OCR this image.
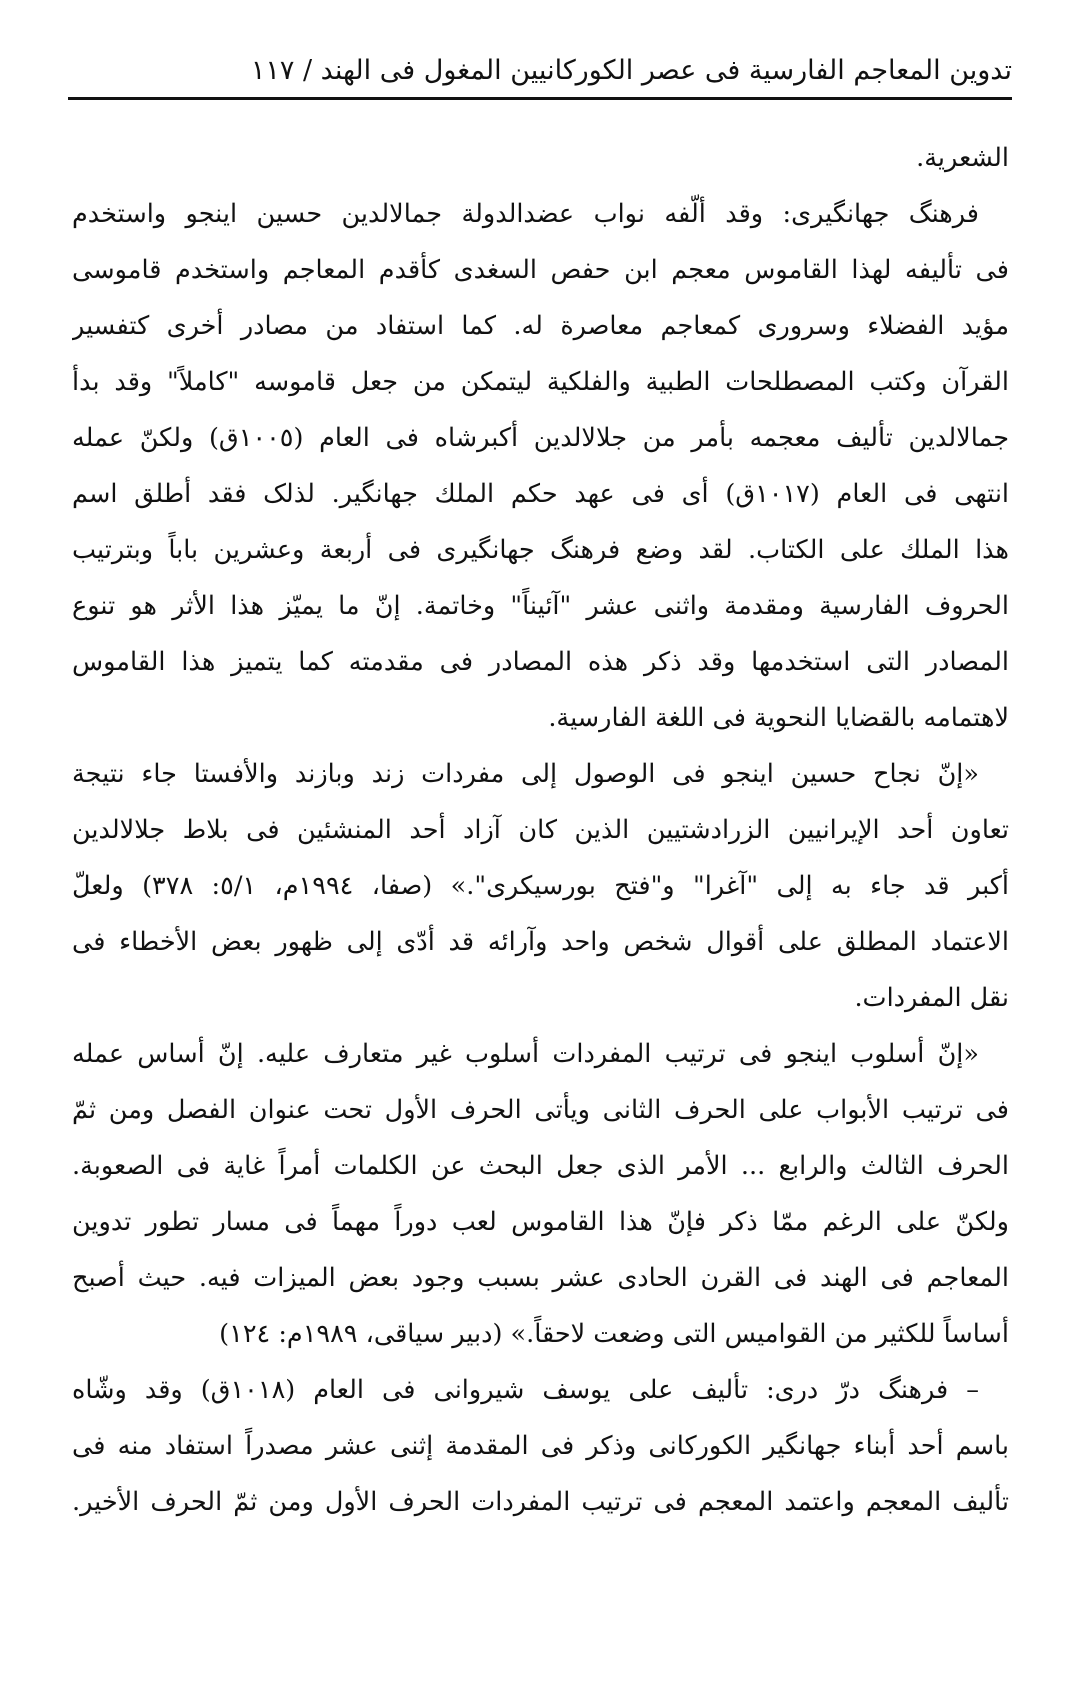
تدوين المعاجم الفارسية فى عصر الكوركانيين المغول فى الهند / ١١٧
الشعرية.
فرهنگ جهانگيرى: وقد ألّفه نواب عضدالدولة جمالالدين حسين اينجو واستخدم
فى تأليفه لهذا القاموس معجم ابن حفص السغدى كأقدم المعاجم واستخدم قاموسى
مؤيد الفضلاء وسرورى كمعاجم معاصرة له. كما استفاد من مصادر أخرى كتفسير
القرآن وكتب المصطلحات الطبية والفلكية ليتمكن من جعل قاموسه "كاملاً" وقد بدأ
جمالالدين تأليف معجمه بأمر من جلالالدين أكبرشاه فى العام (١٠٠٥ق) ولكنّ عمله
انتهى فى العام (١٠١٧ق) أى فى عهد حكم الملك جهانگير. لذلک فقد أطلق اسم
هذا الملك على الكتاب. لقد وضع فرهنگ جهانگيرى فى أربعة وعشرين باباً وبترتيب
الحروف الفارسية ومقدمة واثنى عشر "آئيناً" وخاتمة. إنّ ما يميّز هذا الأثر هو تنوع
المصادر التى استخدمها وقد ذكر هذه المصادر فى مقدمته كما يتميز هذا القاموس
لاهتمامه بالقضايا النحوية فى اللغة الفارسية.
«إنّ نجاح حسين اينجو فى الوصول إلى مفردات زند وبازند والأفستا جاء نتيجة
تعاون أحد الإيرانيين الزرادشتيين الذين كان آزاد أحد المنشئين فى بلاط جلالالدين
أكبر قد جاء به إلى "آغرا" و"فتح بورسيكرى".» (صفا، ١٩٩٤م، ٥/١: ٣٧٨) ولعلّ
الاعتماد المطلق على أقوال شخص واحد وآرائه قد أدّى إلى ظهور بعض الأخطاء فى
نقل المفردات.
«إنّ أسلوب اينجو فى ترتيب المفردات أسلوب غير متعارف عليه. إنّ أساس عمله
فى ترتيب الأبواب على الحرف الثانى ويأتى الحرف الأول تحت عنوان الفصل ومن ثمّ
الحرف الثالث والرابع ... الأمر الذى جعل البحث عن الكلمات أمراً غاية فى الصعوبة.
ولكنّ على الرغم ممّا ذكر فإنّ هذا القاموس لعب دوراً مهماً فى مسار تطور تدوين
المعاجم فى الهند فى القرن الحادى عشر بسبب وجود بعض الميزات فيه. حيث أصبح
أساساً للكثير من القواميس التى وضعت لاحقاً.» (دبير سياقى، ١٩٨٩م: ١٢٤)
– فرهنگ درّ درى: تأليف على يوسف شيروانى فى العام (١٠١٨ق) وقد وشّاه
باسم أحد أبناء جهانگير الكوركانى وذكر فى المقدمة إثنى عشر مصدراً استفاد منه فى
تأليف المعجم واعتمد المعجم فى ترتيب المفردات الحرف الأول ومن ثمّ الحرف الأخير.
